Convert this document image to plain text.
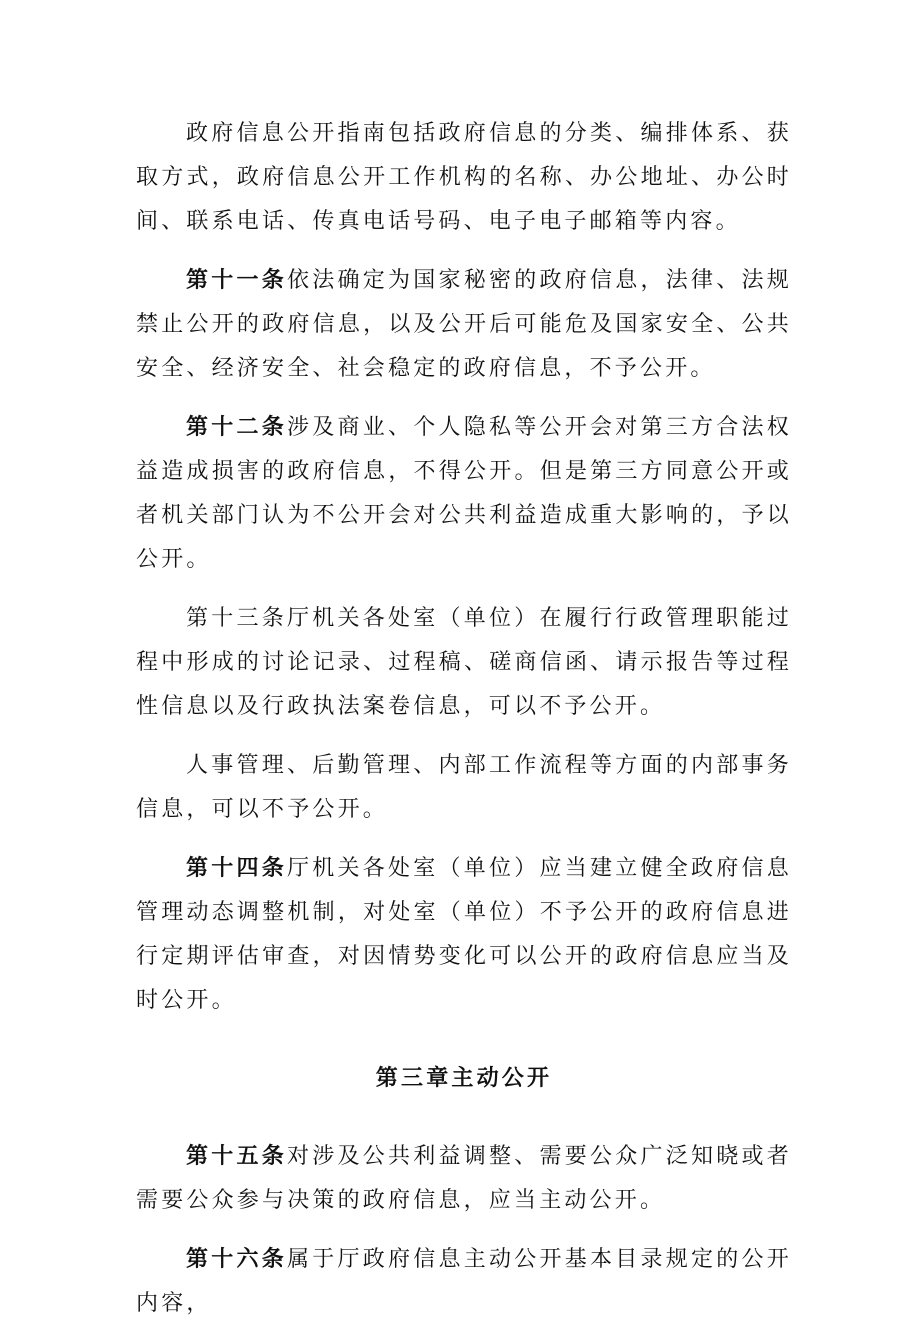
政府信息公开指南包括政府信息的分类、编排体系、获取方式，政府信息公开工作机构的名称、办公地址、办公时间、联系电话、传真电话号码、电子电子邮箱等内容。

第十一条依法确定为国家秘密的政府信息，法律、法规禁止公开的政府信息，以及公开后可能危及国家安全、公共安全、经济安全、社会稳定的政府信息，不予公开。

第十二条涉及商业、个人隐私等公开会对第三方合法权益造成损害的政府信息，不得公开。但是第三方同意公开或者机关部门认为不公开会对公共利益造成重大影响的，予以公开。

第十三条厅机关各处室（单位）在履行行政管理职能过程中形成的讨论记录、过程稿、磋商信函、请示报告等过程性信息以及行政执法案卷信息，可以不予公开。

人事管理、后勤管理、内部工作流程等方面的内部事务信息，可以不予公开。

第十四条厅机关各处室（单位）应当建立健全政府信息管理动态调整机制，对处室（单位）不予公开的政府信息进行定期评估审查，对因情势变化可以公开的政府信息应当及时公开。

第三章主动公开

第十五条对涉及公共利益调整、需要公众广泛知晓或者需要公众参与决策的政府信息，应当主动公开。

第十六条属于厅政府信息主动公开基本目录规定的公开内容，
